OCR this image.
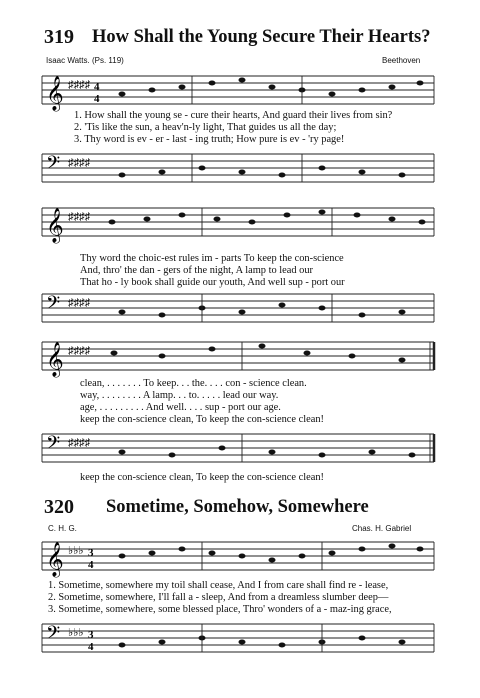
319 How Shall the Young Secure Their Hearts?
Isaac Watts. (Ps. 119)	Beethoven
𝄞 ♯♯♯♯ 4
4
1. How shall the young se - cure their hearts, And guard their lives from sin?
2. 'Tis like the sun, a heav'n-ly light, That guides us all the day;
3. Thy word is ev - er - last - ing truth; How pure is ev - 'ry page!
𝄢 ♯♯♯♯
𝄞 ♯♯♯♯
Thy word the choic-est rules im - parts To keep the con-science
And, thro' the dan - gers of the night, A lamp to lead our
That ho - ly book shall guide our youth, And well sup - port our
𝄢 ♯♯♯♯
𝄞 ♯♯♯♯
clean, . . . . . . . To keep. . . the. . . . con - science clean.
way, . . . . . . . . A lamp. . . to. . . . . lead our way.
age, . . . . . . . . . And well. . . . sup - port our age.
keep the con-science clean, To keep the con-science clean!
𝄢 ♯♯♯♯
keep the con-science clean, To keep the con-science clean!
320 Sometime, Somehow, Somewhere
C. H. G.	Chas. H. Gabriel
𝄞 ♭♭♭ 3
4
1. Sometime, somewhere my toil shall cease, And I from care shall find re - lease,
2. Sometime, somewhere, I'll fall a - sleep, And from a dreamless slumber deep—
3. Sometime, somewhere, some blessed place, Thro' wonders of a - maz-ing grace,
𝄢 ♭♭♭ 3
4
